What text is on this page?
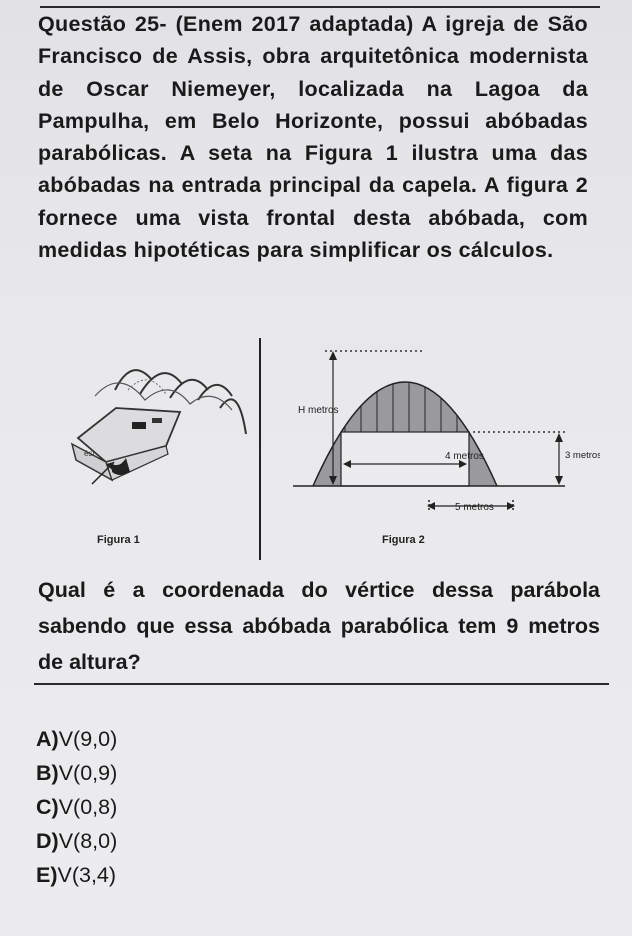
Questão 25- (Enem 2017 adaptada) A igreja de São Francisco de Assis, obra arquitetônica modernista de Oscar Niemeyer, localizada na Lagoa da Pampulha, em Belo Horizonte, possui abóbadas parabólicas. A seta na Figura 1 ilustra uma das abóbadas na entrada principal da capela. A figura 2 fornece uma vista frontal desta abóbada, com medidas hipotéticas para simplificar os cálculos.
ésı
Figura 1
H metros
4 metros	3 metros
5 metros
Figura 2
Qual é a coordenada do vértice dessa parábola sabendo que essa abóbada parabólica tem 9 metros de altura?
A)V(9,0)
B)V(0,9)
C)V(0,8)
D)V(8,0)
E)V(3,4)
